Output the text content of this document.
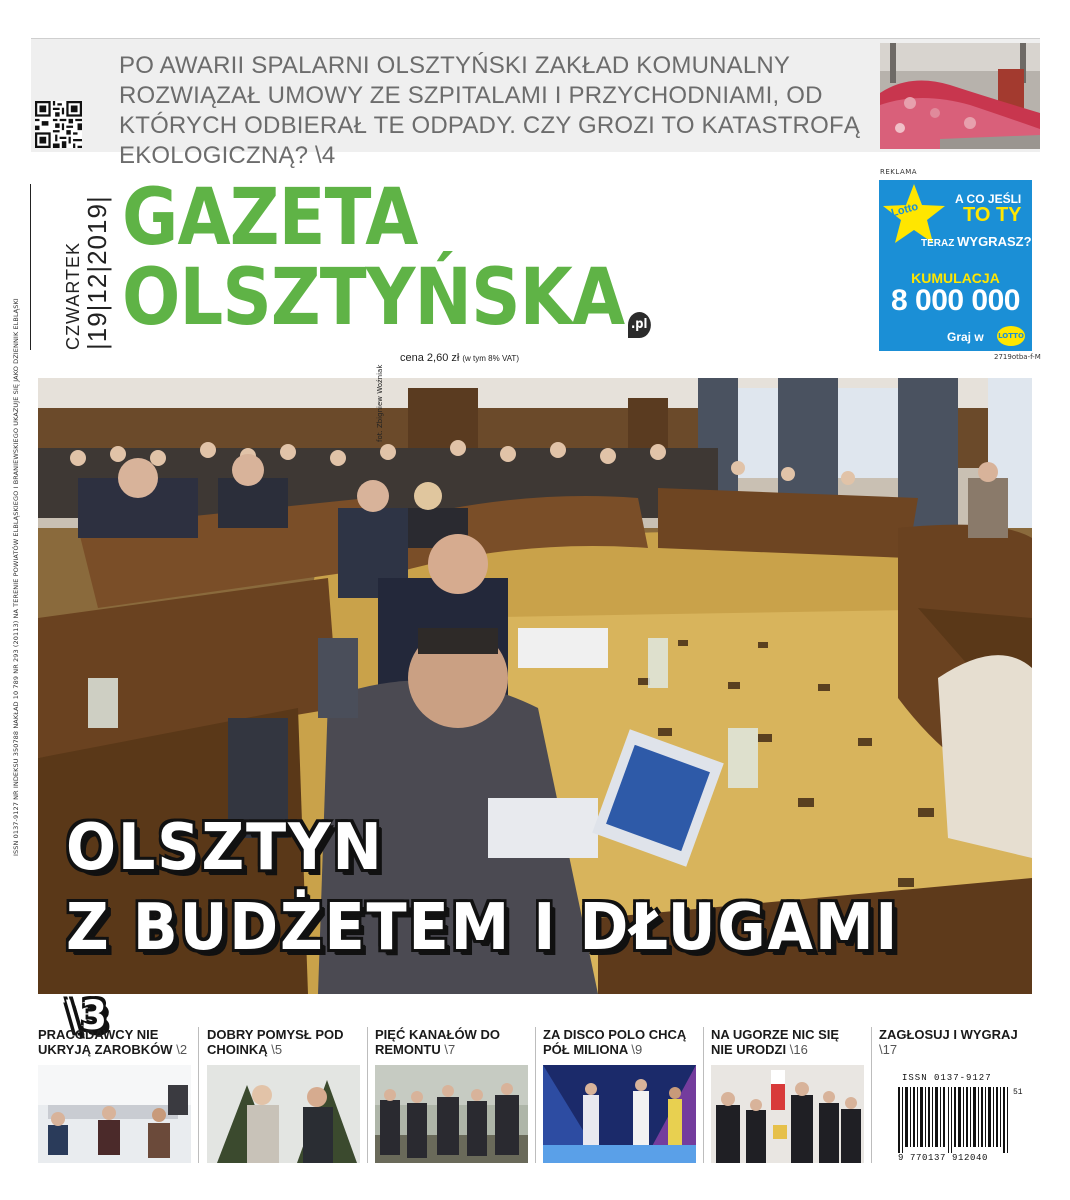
PO AWARII SPALARNI OLSZTYŃSKI ZAKŁAD KOMUNALNY ROZWIĄZAŁ UMOWY ZE SZPITALAMI I PRZYCHODNIAMI, OD KTÓRYCH ODBIERAŁ TE ODPADY. CZY GROZI TO KATASTROFĄ EKOLOGICZNĄ? \4
CZWARTEK |19|12|2019| GAZETA
OLSZTYŃSKA .pl
cena 2,60 zł (w tym 8% VAT)
REKLAMA
Lotto
A CO JEŚLI
TO TY
TERAZ WYGRASZ?
KUMULACJA
8 000 000
Graj w LOTTO
2719otba-f-M
ISSN 0137-9127 NR INDEKSU 350788 NAKŁAD 10 789 NR 293 (20113) NA TERENIE POWIATÓW ELBLĄSKIEGO I BRANIEWSKIEGO UKAZUJE SIĘ JAKO DZIENNIK ELBLĄSKI OLSZTYN
Z BUDŻETEM I DŁUGAMI \3
fot. Zbigniew Woźniak
PRACODAWCY NIE UKRYJĄ ZAROBKÓW \2
DOBRY POMYSŁ POD CHOINKĄ \5
PIĘĆ KANAŁÓW DO REMONTU \7
ZA DISCO POLO CHCĄ PÓŁ MILIONA \9
NA UGORZE NIC SIĘ NIE URODZI \16
ZAGŁOSUJ I WYGRAJ \17
ISSN 0137-9127
51
9 770137 912040
